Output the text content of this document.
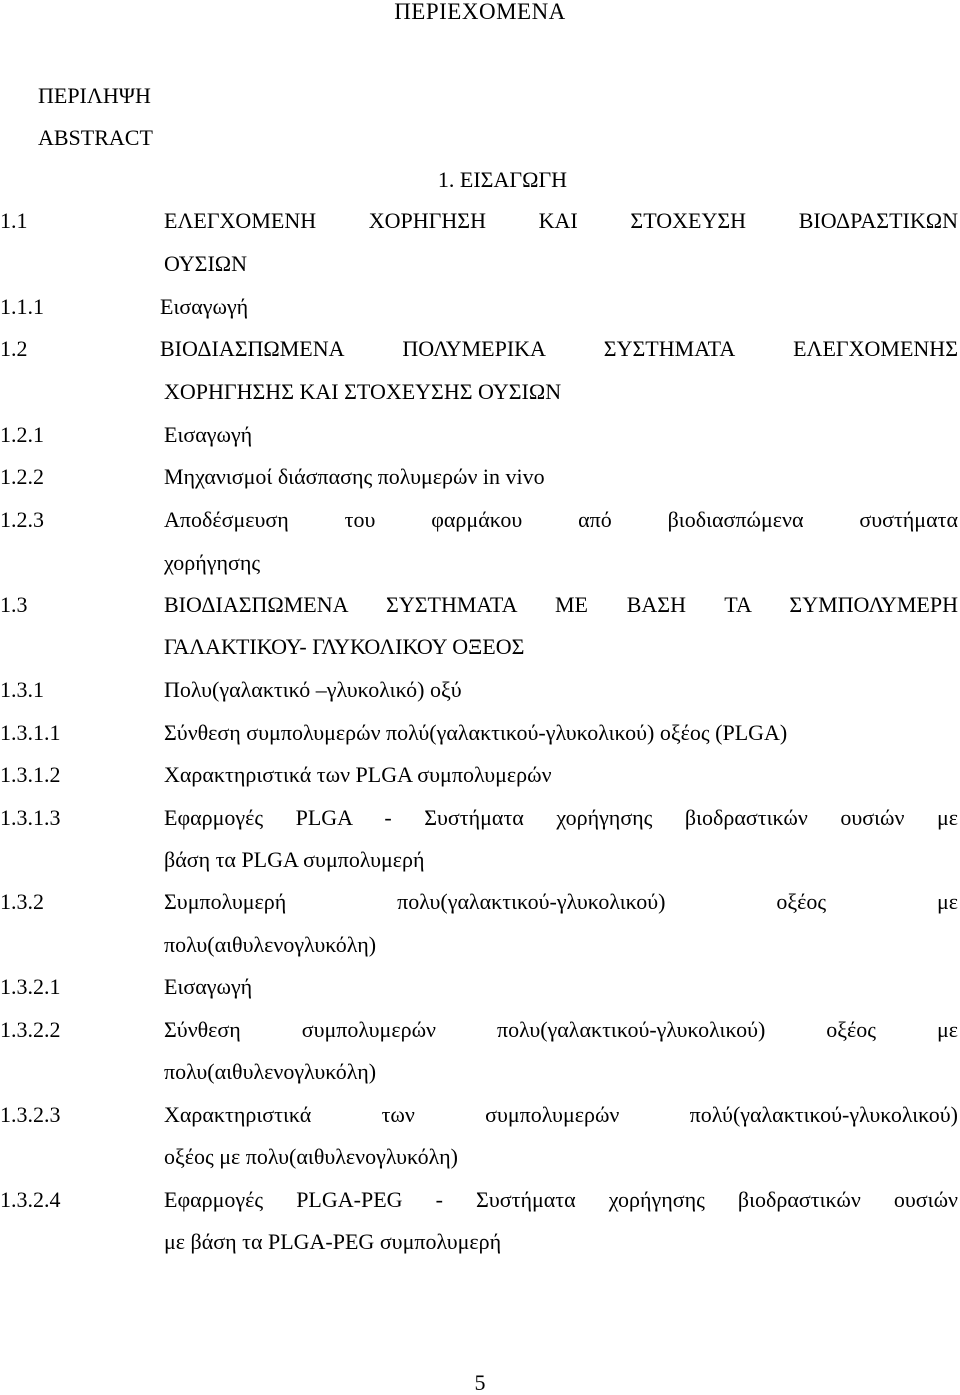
ΠΕΡΙΕΧΟΜΕΝΑ
ΠΕΡΙΛΗΨΗ
ABSTRACT
1. ΕΙΣΑΓΩΓΗ
1.1	ΕΛΕΓΧΟΜΕΝΗ ΧΟΡΗΓΗΣΗ ΚΑΙ ΣΤΟΧΕΥΣΗ ΒΙΟΔΡΑΣΤΙΚΩΝ
ΟΥΣΙΩΝ
1.1.1	Εισαγωγή
1.2	ΒΙΟΔΙΑΣΠΩΜΕΝΑ ΠΟΛΥΜΕΡΙΚΑ ΣΥΣΤΗΜΑΤΑ ΕΛΕΓΧΟΜΕΝΗΣ
ΧΟΡΗΓΗΣΗΣ ΚΑΙ ΣΤΟΧΕΥΣΗΣ ΟΥΣΙΩΝ
1.2.1	Εισαγωγή
1.2.2	Μηχανισμοί διάσπασης πολυμερών in vivo
1.2.3	Αποδέσμευση του φαρμάκου από βιοδιασπώμενα συστήματα
χορήγησης
1.3	ΒΙΟΔΙΑΣΠΩΜΕΝΑ ΣΥΣΤΗΜΑΤΑ ΜΕ ΒΑΣΗ ΤΑ ΣΥΜΠΟΛΥΜΕΡΗ
ΓΑΛΑΚΤΙΚΟΥ- ΓΛΥΚΟΛΙΚΟΥ ΟΞΕΟΣ
1.3.1	Πολυ(γαλακτικό –γλυκολικό) οξύ
1.3.1.1	Σύνθεση συμπολυμερών πολύ(γαλακτικού-γλυκολικού) οξέος (PLGA)
1.3.1.2	Χαρακτηριστικά των PLGA συμπολυμερών
1.3.1.3	Εφαρμογές PLGA - Συστήματα χορήγησης βιοδραστικών ουσιών με
βάση τα PLGA συμπολυμερή
1.3.2	Συμπολυμερή πολυ(γαλακτικού-γλυκολικού) οξέος με
πολυ(αιθυλενογλυκόλη)
1.3.2.1	Εισαγωγή
1.3.2.2	Σύνθεση συμπολυμερών πολυ(γαλακτικού-γλυκολικού) οξέος με
πολυ(αιθυλενογλυκόλη)
1.3.2.3	Χαρακτηριστικά των συμπολυμερών πολύ(γαλακτικού-γλυκολικού)
οξέος με πολυ(αιθυλενογλυκόλη)
1.3.2.4	Εφαρμογές PLGA-PEG - Συστήματα χορήγησης βιοδραστικών ουσιών
με βάση τα PLGA-PEG συμπολυμερή
5
